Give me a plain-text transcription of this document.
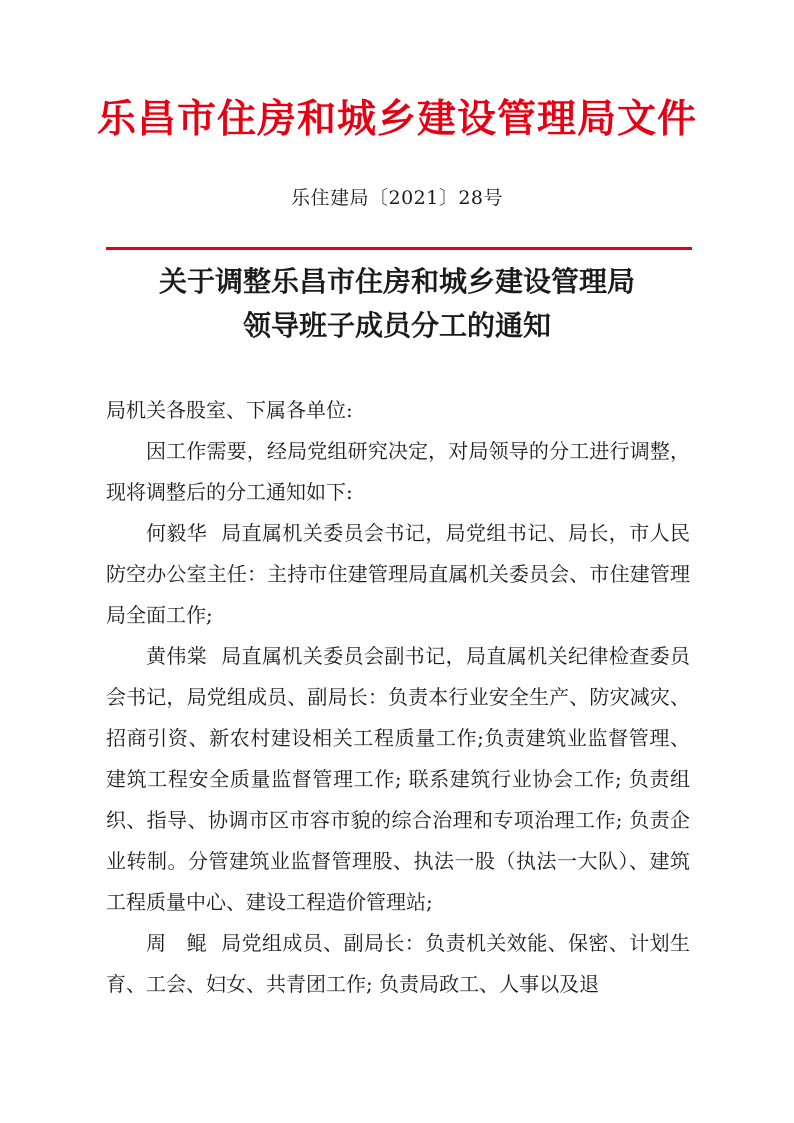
乐昌市住房和城乡建设管理局文件
乐住建局〔2021〕28号
关于调整乐昌市住房和城乡建设管理局
领导班子成员分工的通知

局机关各股室、下属各单位:

因工作需要，经局党组研究决定，对局领导的分工进行调整，现将调整后的分工通知如下:

何毅华 局直属机关委员会书记，局党组书记、局长，市人民防空办公室主任：主持市住建管理局直属机关委员会、市住建管理局全面工作;

黄伟棠 局直属机关委员会副书记，局直属机关纪律检查委员会书记，局党组成员、副局长：负责本行业安全生产、防灾减灾、招商引资、新农村建设相关工程质量工作;负责建筑业监督管理、建筑工程安全质量监督管理工作; 联系建筑行业协会工作; 负责组织、指导、协调市区市容市貌的综合治理和专项治理工作; 负责企业转制。分管建筑业监督管理股、执法一股（执法一大队）、建筑工程质量中心、建设工程造价管理站;

周　鲲 局党组成员、副局长：负责机关效能、保密、计划生育、工会、妇女、共青团工作; 负责局政工、人事以及退
